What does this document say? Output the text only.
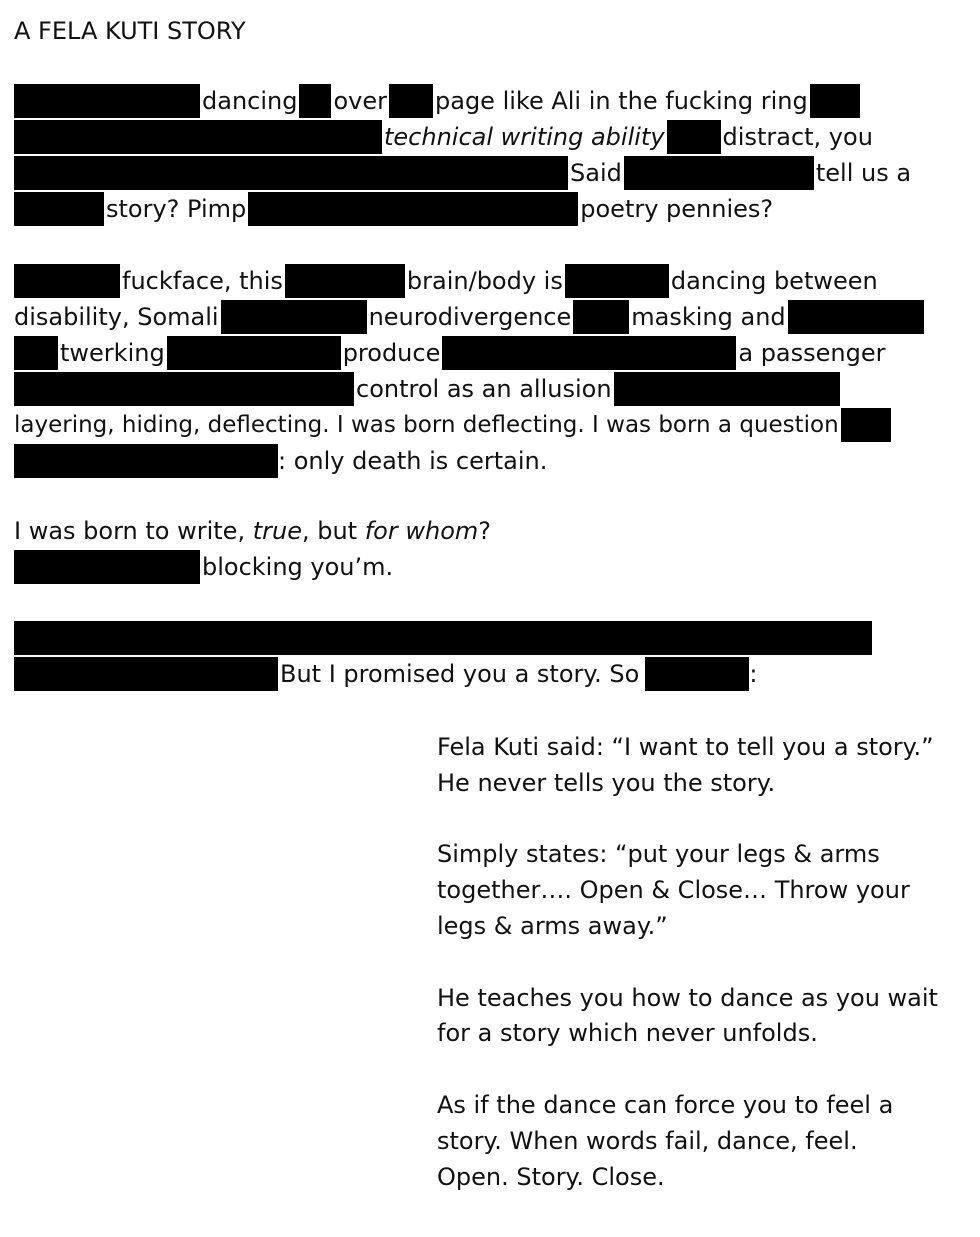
A FELA KUTI STORY
dancing over page like Ali in the fucking ring
technical writing ability distract, you
Said	tell us a
story? Pimp	poetry pennies?
fuckface, this	brain/body is	dancing between
disability, Somali	neurodivergence	masking and
twerking	produce	a passenger
control as an allusion
layering, hiding, deflecting. I was born deflecting. I was born a question
: only death is certain.
I was born to write, true, but for whom?
blocking you’m.
But I promised you a story. So	:
Fela Kuti said: “I want to tell you a story.”
He never tells you the story.
Simply states: “put your legs & arms
together…. Open & Close… Throw your
legs & arms away.”
He teaches you how to dance as you wait
for a story which never unfolds.
As if the dance can force you to feel a
story. When words fail, dance, feel.
Open. Story. Close.
